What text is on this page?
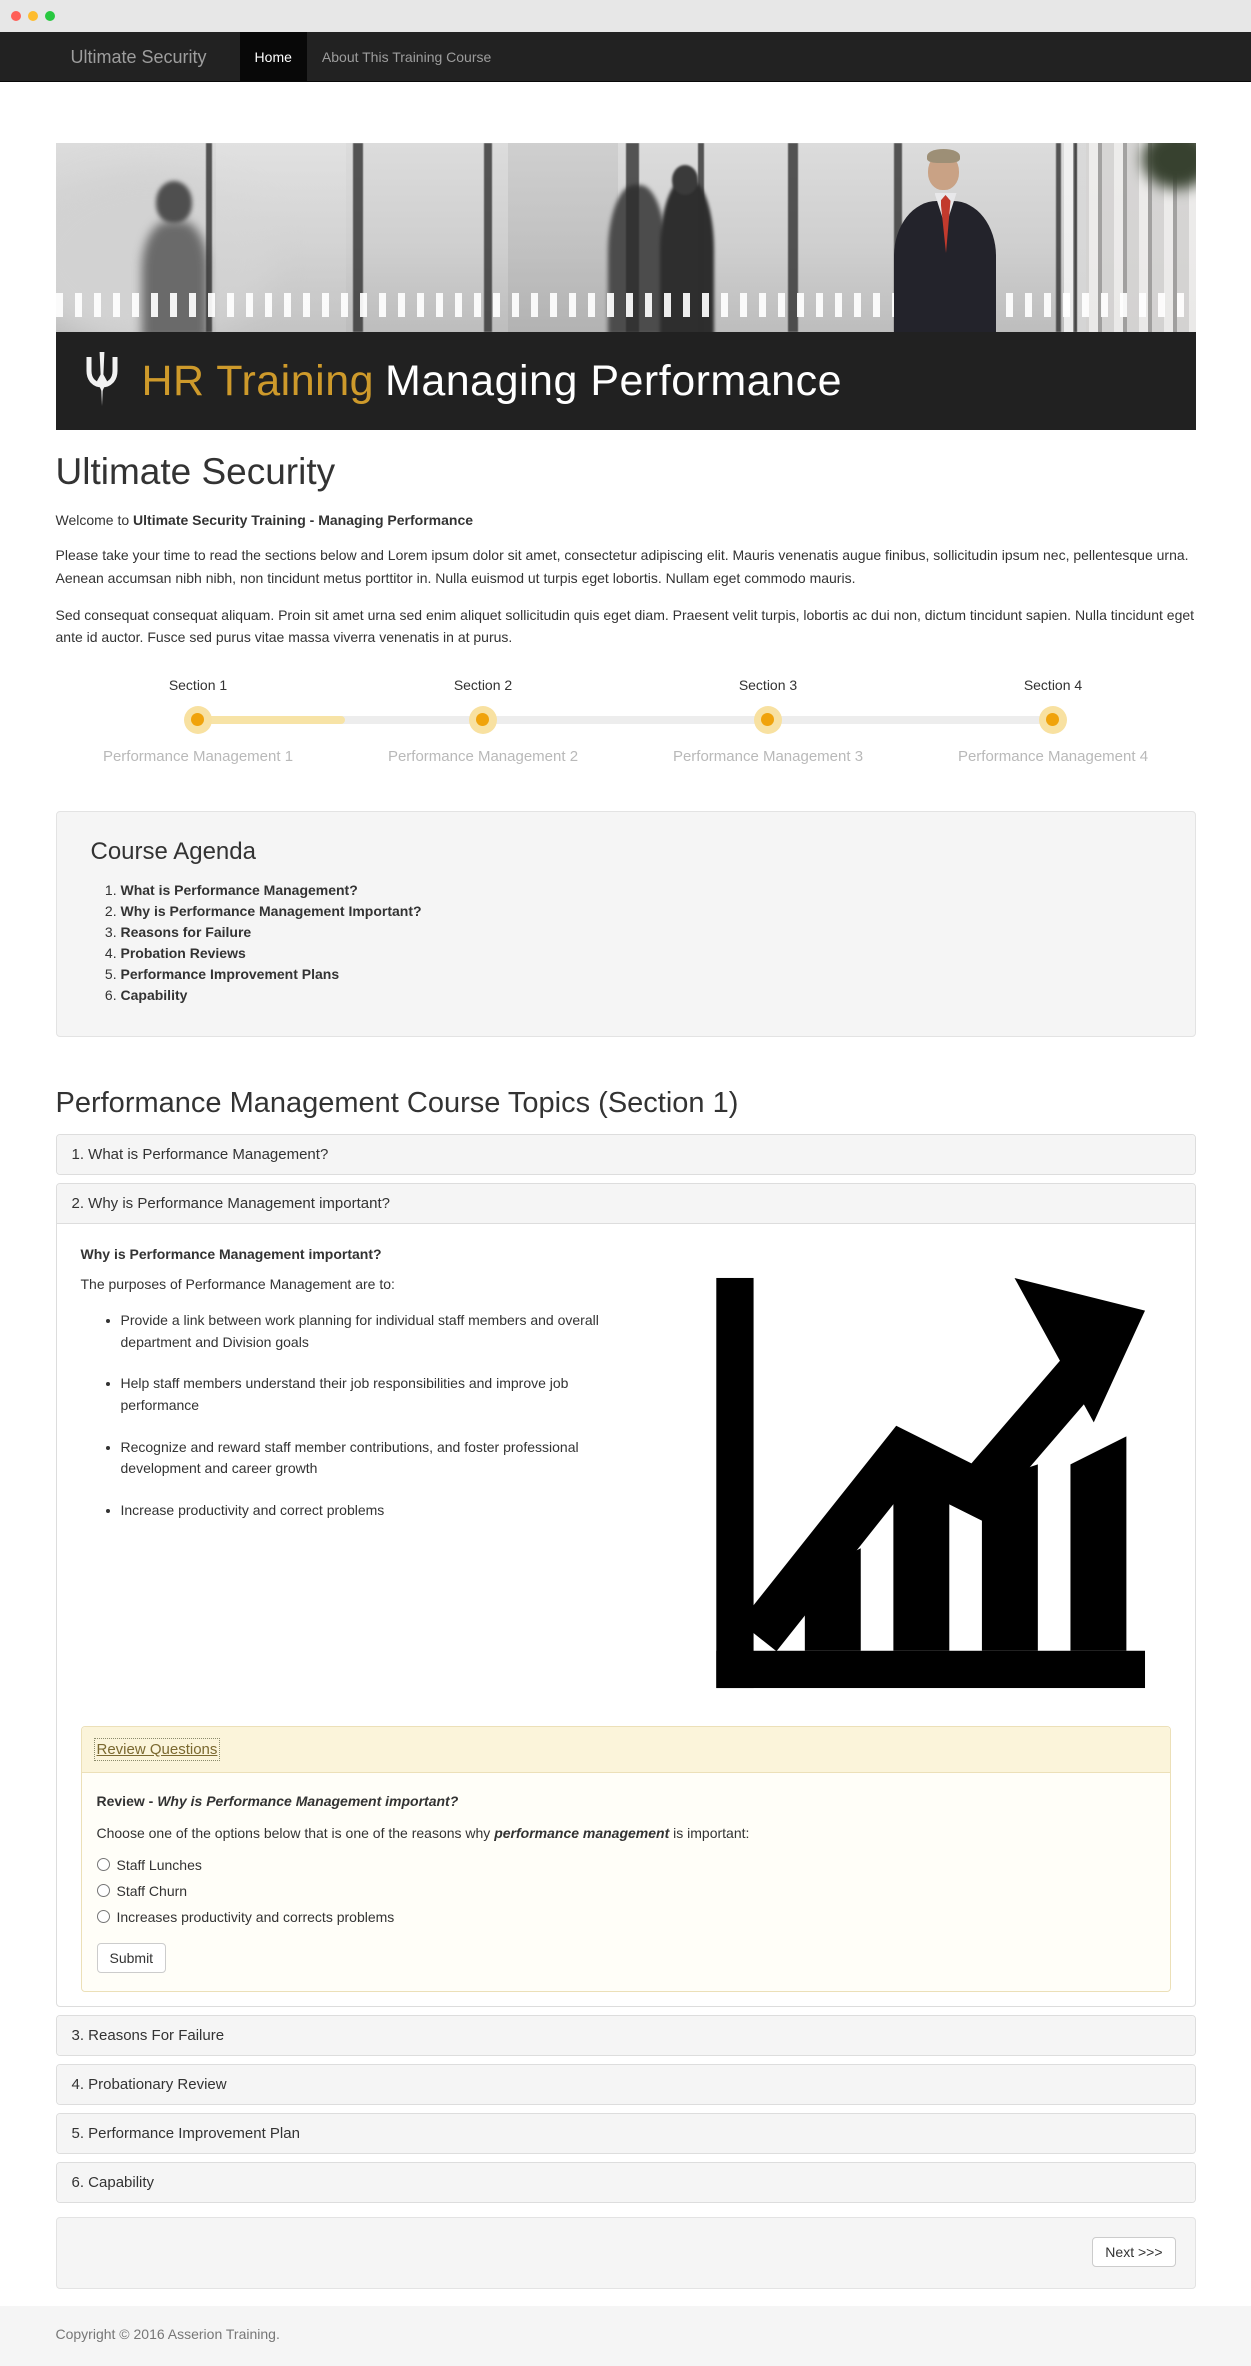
Ultimate Security	Home	About This Training Course
HR Training Managing Performance
Ultimate Security

Welcome to Ultimate Security Training - Managing Performance

Please take your time to read the sections below and Lorem ipsum dolor sit amet, consectetur adipiscing elit. Mauris venenatis augue finibus, sollicitudin ipsum nec, pellentesque urna. Aenean accumsan nibh nibh, non tincidunt metus porttitor in. Nulla euismod ut turpis eget lobortis. Nullam eget commodo mauris.

Sed consequat consequat aliquam. Proin sit amet urna sed enim aliquet sollicitudin quis eget diam. Praesent velit turpis, lobortis ac dui non, dictum tincidunt sapien. Nulla tincidunt eget ante id auctor. Fusce sed purus vitae massa viverra venenatis in at purus.

Section 1	Section 2	Section 3	Section 4
Performance Management 1	Performance Management 2	Performance Management 3	Performance Management 4
Course Agenda
1. What is Performance Management?
2. Why is Performance Management Important?
3. Reasons for Failure
4. Probation Reviews
5. Performance Improvement Plans
6. Capability
Performance Management Course Topics (Section 1)
1. What is Performance Management?
2. Why is Performance Management important?
Why is Performance Management important?
The purposes of Performance Management are to:
• Provide a link between work planning for individual staff members and overall department and Division goals
• Help staff members understand their job responsibilities and improve job performance
• Recognize and reward staff member contributions, and foster professional development and career growth
• Increase productivity and correct problems
Review Questions
Review - Why is Performance Management important?
Choose one of the options below that is one of the reasons why performance management is important:
Staff Lunches
Staff Churn
Increases productivity and corrects problems
Submit
3. Reasons For Failure
4. Probationary Review
5. Performance Improvement Plan
6. Capability
Next >>>

Copyright © 2016 Asserion Training.
